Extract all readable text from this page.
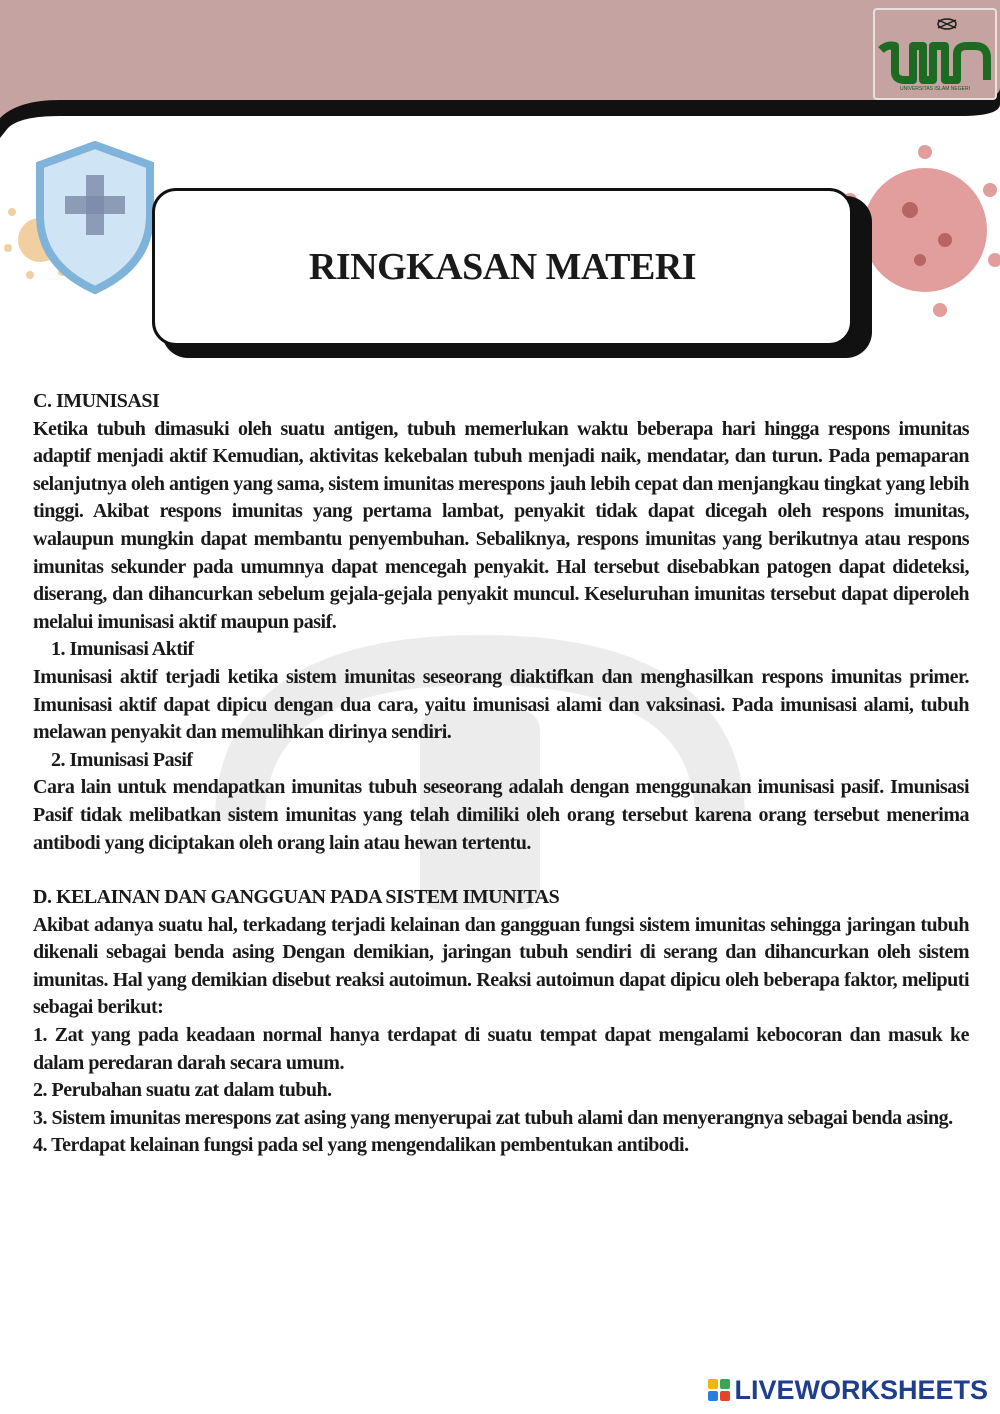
UNIVERSITAS ISLAM NEGERI
RINGKASAN MATERI
C. IMUNISASI

Ketika tubuh dimasuki oleh suatu antigen, tubuh memerlukan waktu beberapa hari hingga respons imunitas adaptif menjadi aktif Kemudian, aktivitas kekebalan tubuh menjadi naik, mendatar, dan turun. Pada pemaparan selanjutnya oleh antigen yang sama, sistem imunitas merespons jauh lebih cepat dan menjangkau tingkat yang lebih tinggi. Akibat respons imunitas yang pertama lambat, penyakit tidak dapat dicegah oleh respons imunitas, walaupun mungkin dapat membantu penyembuhan. Sebaliknya, respons imunitas yang berikutnya atau respons imunitas sekunder pada umumnya dapat mencegah penyakit. Hal tersebut disebabkan patogen dapat dideteksi, diserang, dan dihancurkan sebelum gejala-gejala penyakit muncul. Keseluruhan imunitas tersebut dapat diperoleh melalui imunisasi aktif maupun pasif.

1. Imunisasi Aktif

Imunisasi aktif terjadi ketika sistem imunitas seseorang diaktifkan dan menghasilkan respons imunitas primer. Imunisasi aktif dapat dipicu dengan dua cara, yaitu imunisasi alami dan vaksinasi. Pada imunisasi alami, tubuh melawan penyakit dan memulihkan dirinya sendiri.

2. Imunisasi Pasif

Cara lain untuk mendapatkan imunitas tubuh seseorang adalah dengan menggunakan imunisasi pasif. Imunisasi Pasif tidak melibatkan sistem imunitas yang telah dimiliki oleh orang tersebut karena orang tersebut menerima antibodi yang diciptakan oleh orang lain atau hewan tertentu.

D. KELAINAN DAN GANGGUAN PADA SISTEM IMUNITAS

Akibat adanya suatu hal, terkadang terjadi kelainan dan gangguan fungsi sistem imunitas sehingga jaringan tubuh dikenali sebagai benda asing Dengan demikian, jaringan tubuh sendiri di serang dan dihancurkan oleh sistem imunitas. Hal yang demikian disebut reaksi autoimun. Reaksi autoimun dapat dipicu oleh beberapa faktor, meliputi sebagai berikut:

1. Zat yang pada keadaan normal hanya terdapat di suatu tempat dapat mengalami kebocoran dan masuk ke dalam peredaran darah secara umum.

2. Perubahan suatu zat dalam tubuh.

3. Sistem imunitas merespons zat asing yang menyerupai zat tubuh alami dan menyerangnya sebagai benda asing.

4. Terdapat kelainan fungsi pada sel yang mengendalikan pembentukan antibodi.

LIVEWORKSHEETS
